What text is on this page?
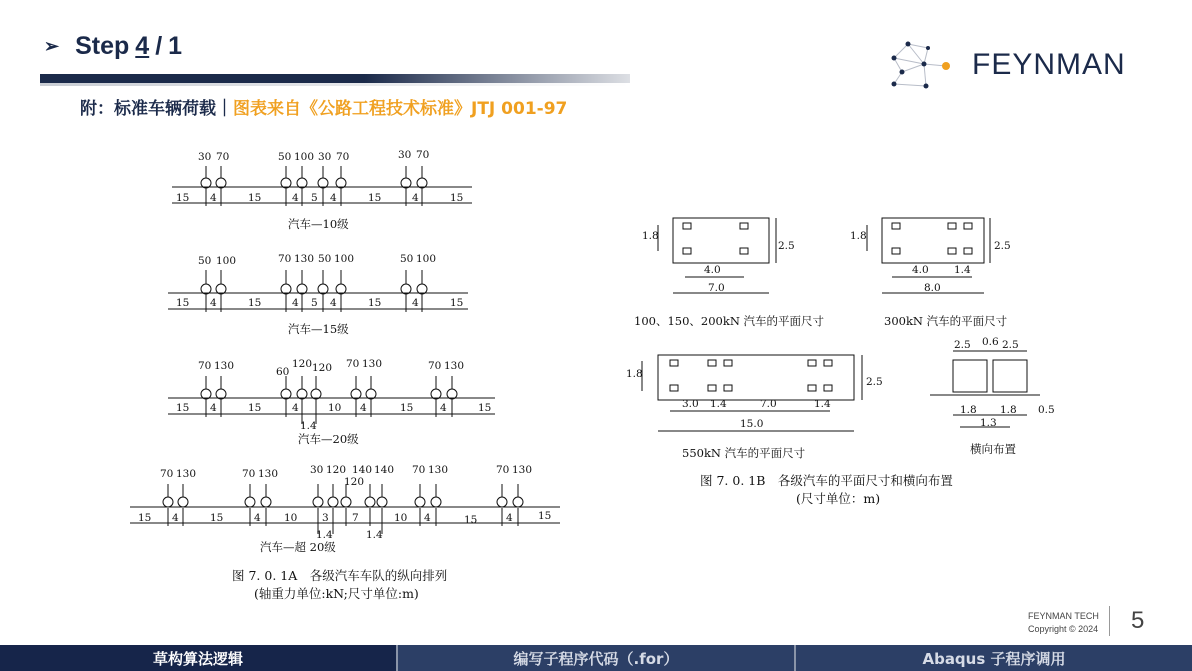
➢ Step 4 / 1
FEYNMAN
附：标准车辆荷载｜图表来自《公路工程技术标准》JTJ 001-97
30 70	50 100 30 70	30 70
15 4	15	4 5 4	15	4	15
汽车—10级
50 100	70 130 50 100	50 100
15 4	15	4 5 4	15	4	15
汽车—15级
70 130	60
120 120 70 130	70 130
15 4	15	4	10 4	15	4	15
1.4
汽车—20级
70 130	70 130	30 120 140 140
120
70 130	70 130
15 4	15	4 10 3 7	10 4	15	4 15
1.4	1.4
汽车—超 20级
图 7. 0. 1A　各级汽车车队的纵向排列
(轴重力单位:kN;尺寸单位:m)
1.8
2.5
4.0
7.0
100、150、200kN 汽车的平面尺寸
1.8
2.5
4.0 1.4
8.0
300kN 汽车的平面尺寸
1.8
2.5
3.0 1.4	7.0	1.4
15.0
550kN 汽车的平面尺寸
2.5 0.6 2.5
1.8 1.8 0.5
1.3
横向布置
图 7. 0. 1B　各级汽车的平面尺寸和横向布置
(尺寸单位：m)
FEYNMAN TECH
Copyright © 2024 5
草构算法逻辑	编写子程序代码（.for）	Abaqus 子程序调用
